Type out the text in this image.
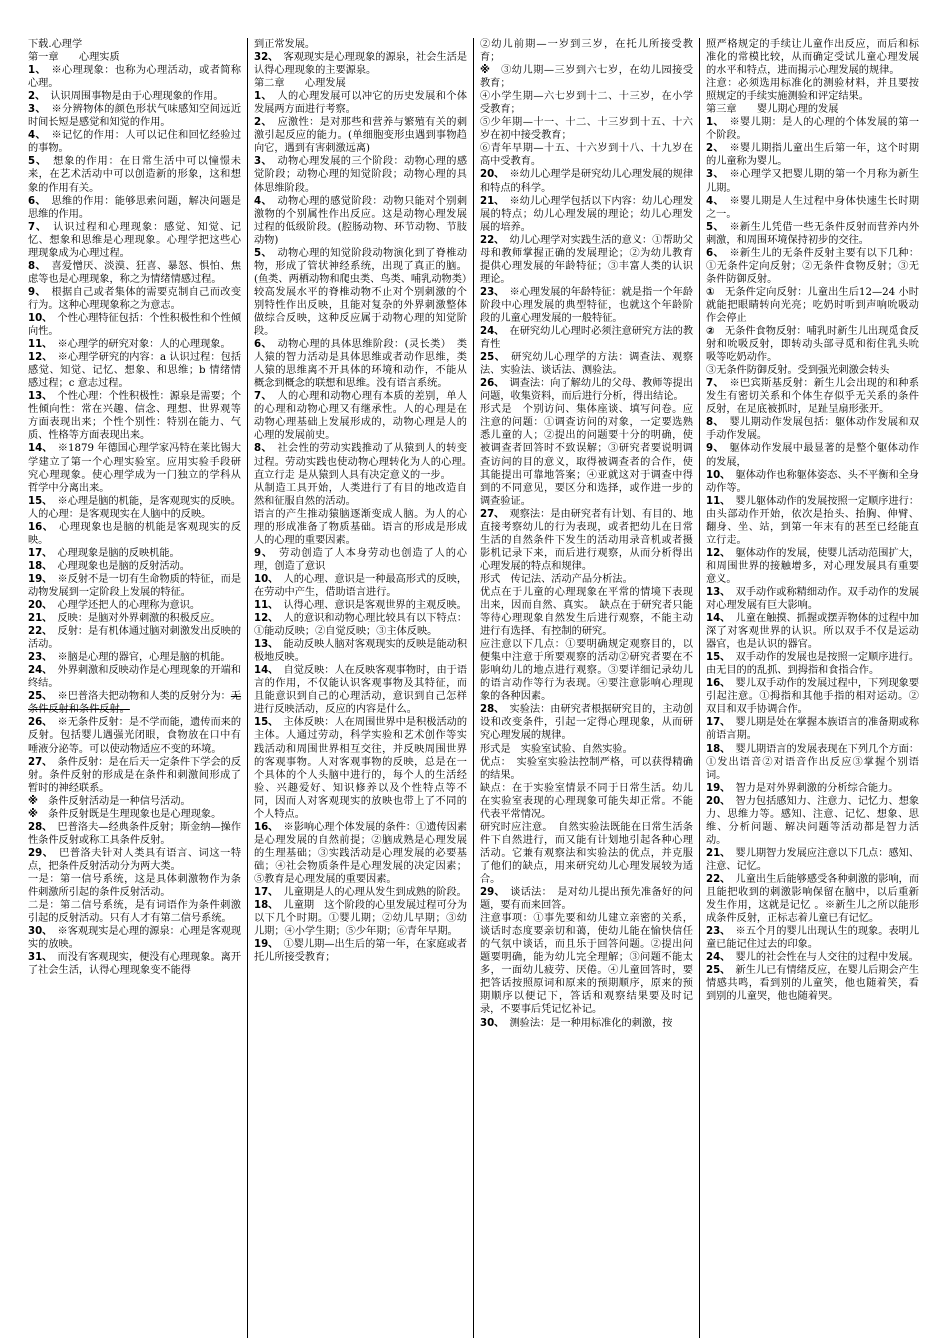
下载.心理学

第一章　　心理实质

1、　 ※心理现象：也称为心理活动，或者简称心理。

2、　 认识周围事物是由于心理现象的作用。

3、　 ※分辨物体的颜色形状气味感知空间远近时间长短是感觉和知觉的作用。

4、　 ※记忆的作用：人可以记住和回忆经验过的事物。

5、　 想象的作用：在日常生活中可以憧憬未来，在艺术活动中可以创造新的形象，这和想象的作用有关。

6、　 思维的作用：能够思索问题，解决问题是思维的作用。

7、　 认识过程和心理现象：感觉、知觉、记忆、想象和思维是心理现象。心理学把这些心理现象成为心理过程。

8、　 喜爱憎厌、淡漠、狂喜、暴怒、惧怕、焦虑等也是心理现象，称之为情绪情感过程。

9、　 根据自己或者集体的需要克制自己而改变行为。这种心理现象称之为意志。

10、　 个性心理特征包括：个性积极性和个性倾向性。

11、　 ※心理学的研究对象：人的心理现象。

12、　 ※心理学研究的内容：a 认识过程：包括感觉、知觉、记忆、想象、和思维；b 情绪情感过程；c 意志过程。

13、　 个性心理：个性积极性：源泉是需要；个性倾向性：常在兴趣、信念、理想、世界观等方面表现出来；个性个别性：特别在能力、气质、性格等方面表现出来。

14、　 ※1879 年德国心理学家冯特在莱比锡大学建立了第一个心理实验室。应用实验手段研究心理现象。使心理学成为一门独立的学科从哲学中分离出来。

15、　 ※心理是脑的机能，是客观现实的反映。人的心理：是客观现实在人脑中的反映。

16、　 心理现象也是脑的机能是客观现实的反映。

17、　 心理现象是脑的反映机能。

18、　 心理现象也是脑的反射活动。

19、　 ※反射不是一切有生命物质的特征，而是动物发展到一定阶段上发展的特征。

20、　 心理学还把人的心理称为意识。

21、　 反映：是脑对外界刺激的积极反应。

22、　 反射：是有机体通过脑对刺激发出反映的活动。

23、　 ※脑是心理的器官，心理是脑的机能。

24、　 外界刺激和反映动作是心理现象的开端和终结。

25、　 ※巴普洛夫把动物和人类的反射分为：无条件反射和条件反射。

26、　 ※无条件反射：是不学而能，遗传而来的反射。包括婴儿遇强光闭眼，食物放在口中有唾液分泌等。可以使动物适应不变的环境。

27、　 条件反射：是在后天一定条件下学会的反射。条件反射的形成是在条件和刺激间形成了暂时的神经联系。

※　 条件反射活动是一种信号活动。

※　 条件反射既是生理现象也是心理现象。

28、　 巴普洛夫—经典条件反射；斯金纳—操作性条件反射或称工具条件反射。

29、　 巴普洛夫针对人类具有语言、词这一特点，把条件反射活动分为两大类。

一是：第一信号系统，这是具体刺激物作为条件刺激所引起的条件反射活动。

二是：第二信号系统，是有词语作为条件刺激引起的反射活动。只有人才有第二信号系统。

30、　 ※客观现实是心理的源泉：心理是客观现实的放映。

31、　 而没有客观现实，便没有心理现象。离开了社会生活，认得心理现象变不能得

到正常发展。

32、　 客观现实是心理现象的源泉，社会生活是认得心理现象的主要源泉。

第二章　　心理发展

1、　 人的心理发展可以冲它的历史发展和个体发展两方面进行考察。

2、　 应激性：是对那些和营养与繁殖有关的刺激引起反应的能力。(单细胞变形虫遇到事物趋向它，遇到有害刺激远离)

3、　 动物心理发展的三个阶段：动物心理的感觉阶段；动物心理的知觉阶段；动物心理的具体思维阶段。

4、　 动物心理的感觉阶段：动物只能对个别刺激物的个别属性作出反应。这是动物心理发展过程的低级阶段。(腔肠动物、环节动物、节肢动物)

5、　 动物心理的知觉阶段动物演化到了脊椎动物，形成了管状神经系统，出现了真正的脑。(鱼类、两栖动物和爬虫类、鸟类、哺乳动物类）较高发展水平的脊椎动物不止对个别刺激的个别特性作出反映，且能对复杂的外界刺激整体做综合反映，这种反应属于动物心理的知觉阶段。

6、　 动物心理的具体思维阶段：(灵长类）　类人猿的智力活动是具体思维或者动作思维，类人猿的思维离不开具体的环境和动作，不能从概念到概念的联想和思维。没有语言系统。

7、　 人的心理和动物心理有本质的差别，单人的心理和动物心理又有继承性。人的心理是在动物心理基础上发展形成的，动物心理是人的心理的发展前史。

8、　 社会性的劳动实践推动了从猿到人的转变过程。劳动实践也使动物心理转化为人的心理。　直立行走 是从猿到人具有决定意义的一步。

从制造工具开始，人类进行了有目的地改造自然和征服自然的活动。

语言的产生推动猿脑逐渐变成人脑。为人的心理的形成准备了物质基础。语言的形成是形成人的心理的重要因素。

9、　 劳动创造了人本身劳动也创造了人的心理，创造了意识

10、　 人的心理、意识是一种最高形式的反映，在劳动中产生，借助语言进行。

11、　 认得心理、意识是客观世界的主观反映。

12、　 人的意识和动物心理比较具有以下特点：①能动反映；②自觉反映；③主体反映。

13、　 能动反映人脑对客观现实的反映是能动积极地反映。

14、　 自觉反映：人在反映客观事物时，由于语言的作用，不仅能认识客观事物及其特征，而且能意识到自己的心理活动，意识到自己怎样进行反映活动，反应的内容是什么。

15、　 主体反映：人在周围世界中是积极活动的主体。人通过劳动，科学实验和艺术创作等实践活动和周围世界相互交往，并反映周围世界的客观事物。人对客观事物的反映，总是在一个具体的个人头脑中进行的，每个人的生活经验、兴趣爱好、知识修养以及个性特点等不同，因而人对客观现实的放映也带上了不同的个人特点。

16、　 ※影响心理个体发展的条件：①遗传因素是心理发展的自然前提；②脑成熟是心理发展的生理基础；③实践活动是心理发展的必要基础；④社会物质条件是心理发展的决定因素；⑤教育是心理发展的重要因素。

17、　 儿童期是人的心理从发生到成熟的阶段。

18、　 儿童期　这个阶段的心里发展过程可分为以下几个时期。①婴儿期；②幼儿早期；③幼儿期；④小学生期；⑤少年期；⑥青年早期。

19、　 ①婴儿期—出生后的第一年，在家庭或者托儿所接受教育；

②幼儿前期—一岁到三岁，在托儿所接受教育；

※　 ③幼儿期—三岁到六七岁，在幼儿园接受教育；

④小学生期—六七岁到十二、十三岁，在小学受教育；

⑤少年期—十一、十二、十三岁到十五、十六岁在初中接受教育；

⑥青年早期—十五、十六岁到十八、十九岁在高中受教育。

20、　 ※幼儿心理学是研究幼儿心理发展的规律和特点的科学。

21、　 ※幼儿心理学包括以下内容：幼儿心理发展的特点；幼儿心理发展的理论；幼儿心理发展的培养。

22、　 幼儿心理学对实践生活的意义：①帮助父母和教师掌握正确的发展理论；②为幼儿教育提供心理发展的年龄特征；③丰富人类的认识理论。

23、　 ※心理发展的年龄特征：就是指一个年龄阶段中心理发展的典型特征，也就这个年龄阶段的儿童心理发展的一般特征。

24、　 在研究幼儿心理时必须注意研究方法的教育性

25、　 研究幼儿心理学的方法：调查法、观察法、实验法、谈话法、测验法。

26、　 调查法：向了解幼儿的父母、教师等提出问题，收集资料，而后进行分析，得出结论。

形式是　个别访问、集体座谈、填写问卷。应注意的问题：①调查访问的对象，一定要选熟悉儿童的人；②提出的问题要十分的明确，使被调查者回答时不致误解；③研究者要说明调查访问的目的意义，取得被调查者的合作，使其能提出可靠地答案；④亚就这对于调查中得到的不同意见，要区分和选择，或作进一步的调查验证。

27、　 观察法：是由研究者有计划、有目的、地直接考察幼儿的行为表现，或者把幼儿在日常生活的自然条件下发生的活动用录音机或者摄影机记录下来，而后进行观察，从而分析得出心理发展的特点和规律。

形式　传记法、活动产品分析法。

优点在于儿童的心理现象在平常的情境下表现出来，因而自然、真实。　缺点在于研究者只能等待心理现象自然发生后进行观察，不能主动进行有选择、有控制的研究。

应注意以下几点：①要明确规定观察目的，以便集中注意于所要观察的活动②研究者要在不影响幼儿的地点进行观察。③要详细记录幼儿的语言动作等行为表现。④要注意影响心理现象的各种因素。

28、　 实验法：由研究者根据研究目的，主动创设和改变条件，引起一定得心理现象，从而研究心理发展的规律。

形式是　实验室试验、自然实验。

优点：　实验室实验法控制严格，可以获得精确的结果。

缺点：在于实验室情景不同于日常生活。幼儿在实验室表现的心理现象可能失却正常。不能代表平常情况。

研究时应注意。　自然实验法既能在日常生活条件下自然进行，而又能有计划地引起各种心理活动。它兼有观察法和实验法的优点，并克服了他们的缺点，用来研究幼儿心理发展较为适合。

29、　 谈话法：　是对幼儿提出预先准备好的问题，要有而来回答。

注意事项：①事先要和幼儿建立亲密的关系，谈话时态度要亲切和蔼，使幼儿能在愉快信任的气氛中谈话，而且乐于回答问题。②提出问题要明确，能为幼儿完全理解；③问题不能太多，一面幼儿疲劳、厌倦。④儿童回答时，要把答话按照原词和原来的预期顺序，原来的预期顺序以便记下，答话和观察结果要及时记录，不要事后凭记忆补记。

30、　 测验法：是一种用标准化的刺激，按

照严格规定的手续让儿童作出反应，而后和标准化的常模比较，从而确定受试儿童心理发展的水平和特点，进而揭示心理发展的规律。

注意：必须选用标准化的测验材料，并且要按照规定的手续实施测验和评定结果。

第三章　　婴儿期心理的发展

1、　 ※婴儿期：是人的心理的个体发展的第一个阶段。

2、　 ※婴儿期指儿童出生后第一年，这个时期的儿童称为婴儿。

3、　 ※心理学又把婴儿期的第一个月称为新生儿期。

4、　 ※婴儿期是人生过程中身体快速生长时期之一。

5、　 ※新生儿凭借一些无条件反射而营养内外刺激，和周围环境保持初步的交往。

6、　 ※新生儿的无条件反射主要有以下几种：①无条件定向反射；②无条件食物反射；③无条件防御反射。

①　 无条件定向反射：儿童出生后12—24 小时就能把眼睛转向光亮；吃奶时听到声响吮吸动作会停止

②　 无条件食物反射：哺乳时新生儿出现觅食反射和吮吸反射，即转动头部寻觅和衔住乳头吮吸等吃奶动作。

③无条件防御反射。受到强光刺激会转头

7、　 ※巴宾斯基反射：新生儿会出现的和种系发生有密切关系和个体生存似乎无关系的条件反射，在足底被抓时，足趾呈扇形张开。

8、　 婴儿期动作发展包括：躯体动作发展和双手动作发展。

9、　 躯体动作发展中最显著的是整个躯体动作的发展，

10、　 躯体动作也称躯体姿态、头不平衡和全身动作等。

11、　 婴儿躯体动作的发展按照一定顺序进行：由头部动作开始，依次是抬头、抬胸、伸臂、翻身、坐、站，到第一年末有的甚至已经能直立行走。

12、　 躯体动作的发展，使婴儿活动范围扩大，和周围世界的接触增多，对心理发展具有重要意义。

13、　 双手动作或称精细动作。双手动作的发展对心理发展有巨大影响。

14、　 儿童在触摸、抓握或摆弄物体的过程中加深了对客观世界的认识。所以双手不仅是运动器官，也是认识的器官。

15、　 双手动作的发展也是按照一定顺序进行。由无目的的乱抓、到拇指和食指合作。

16、　 婴儿双手动作的发展过程中，下列现象要引起注意。①拇指和其他手指的相对运动。②双目和双手协调合作。

17、　 婴儿期是处在掌握本族语言的准备期或称前语言期。

18、　 婴儿期语言的发展表现在下列几个方面：①发出语音②对语音作出反应③掌握个别语词。

19、　 智力是对外界刺激的分析综合能力。

20、　 智力包括感知力、注意力、记忆力、想象力、思维力等。感知、注意、记忆、想象、思维、分析问题、解决问题等活动都是智力活动。

21、　 婴儿期智力发展应注意以下几点：感知、注意、记忆。

22、　 儿童出生后能够感受各种刺激的影响，而且能把收到的刺激影响保留在脑中，以后重新发生作用，这就是记忆 。※新生儿之所以能形成条件反射，正标志着儿童已有记忆。

23、　 ※五个月的婴儿出现认生的现象。表明儿童已能记住过去的印象。

24、　 婴儿的社会性在与人交往的过程中发展。

25、　 新生儿已有情绪反应，在婴儿后期会产生情感共鸣，看到别的儿童笑，他也随着笑，看到别的儿童哭，他也随着哭。
